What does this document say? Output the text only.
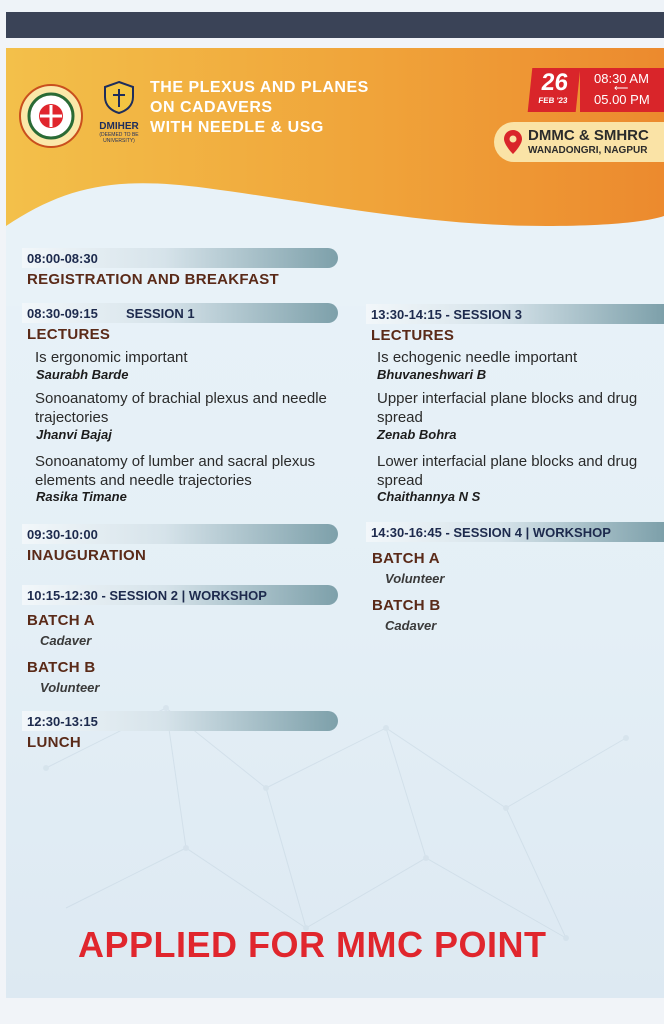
DMIHER
(DEEMED TO BE UNIVERSITY)
THE PLEXUS AND PLANES
ON CADAVERS
WITH NEEDLE & USG
26
FEB '23
08:30 AM
⟵
05.00 PM
DMMC & SMHRC
WANADONGRI, NAGPUR
08:00-08:30
REGISTRATION AND BREAKFAST
08:30-09:15 SESSION 1
LECTURES
Is ergonomic important
Saurabh Barde
Sonoanatomy of brachial plexus and needle trajectories
Jhanvi Bajaj
Sonoanatomy of lumber and sacral plexus elements and needle trajectories
Rasika Timane
09:30-10:00
INAUGURATION
10:15-12:30 - SESSION 2 | WORKSHOP
BATCH A
Cadaver
BATCH B
Volunteer
12:30-13:15
LUNCH
13:30-14:15 - SESSION 3
LECTURES
Is echogenic needle important
Bhuvaneshwari B
Upper interfacial plane blocks and drug spread
Zenab Bohra
Lower interfacial plane blocks and drug spread
Chaithannya N S
14:30-16:45 - SESSION 4 | WORKSHOP
BATCH A
Volunteer
BATCH B
Cadaver
APPLIED FOR MMC POINT
